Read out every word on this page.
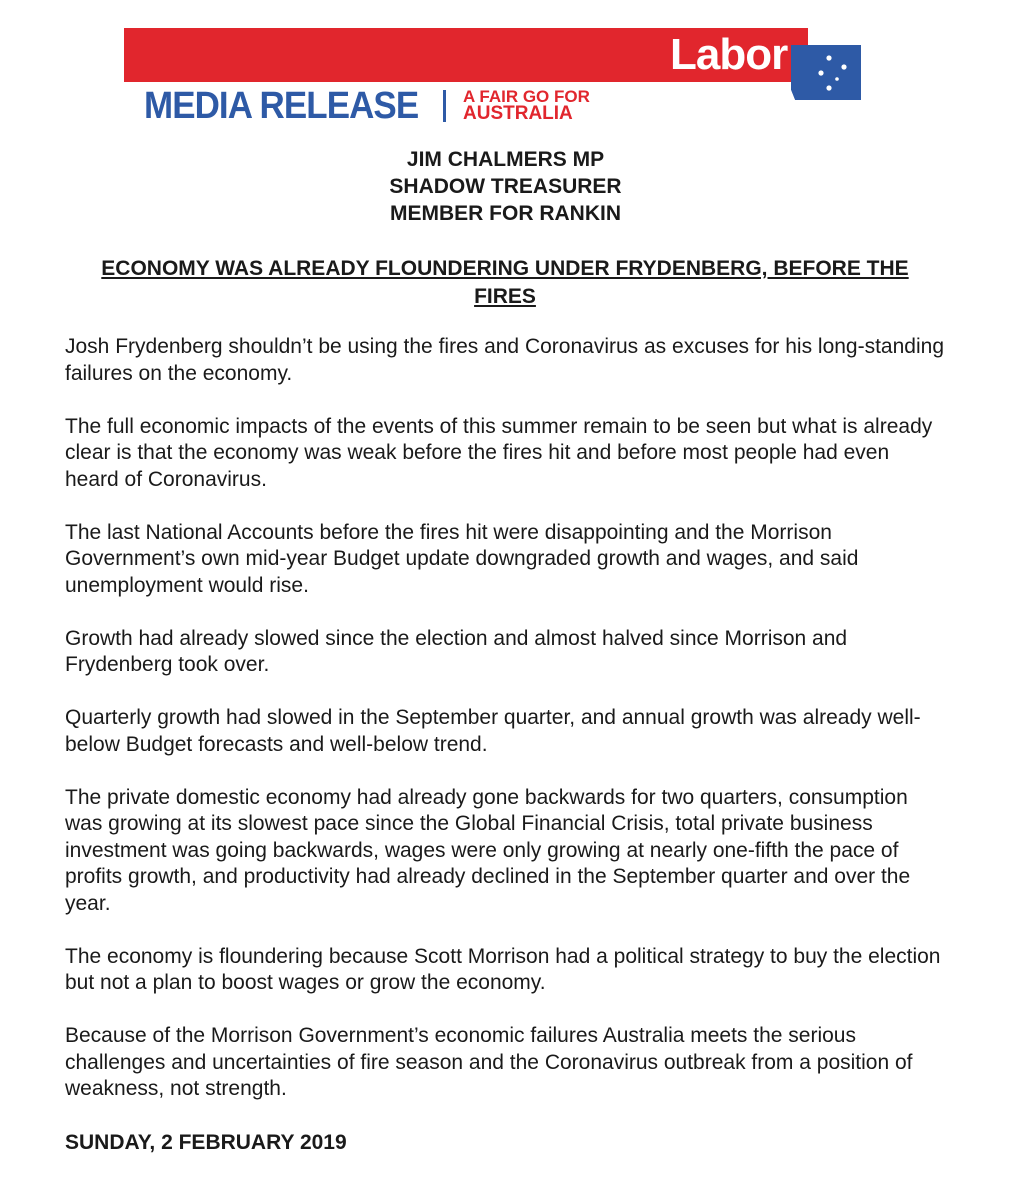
Labor
MEDIA RELEASE	A FAIR GO FOR
AUSTRALIA
JIM CHALMERS MP
SHADOW TREASURER
MEMBER FOR RANKIN
ECONOMY WAS ALREADY FLOUNDERING UNDER FRYDENBERG, BEFORE THE FIRES

Josh Frydenberg shouldn’t be using the fires and Coronavirus as excuses for his long-standing failures on the economy.

The full economic impacts of the events of this summer remain to be seen but what is already clear is that the economy was weak before the fires hit and before most people had even heard of Coronavirus.

The last National Accounts before the fires hit were disappointing and the Morrison Government’s own mid-year Budget update downgraded growth and wages, and said unemployment would rise.

Growth had already slowed since the election and almost halved since Morrison and Frydenberg took over.

Quarterly growth had slowed in the September quarter, and annual growth was already well-below Budget forecasts and well-below trend.

The private domestic economy had already gone backwards for two quarters, consumption was growing at its slowest pace since the Global Financial Crisis, total private business investment was going backwards, wages were only growing at nearly one-fifth the pace of profits growth, and productivity had already declined in the September quarter and over the year.

The economy is floundering because Scott Morrison had a political strategy to buy the election but not a plan to boost wages or grow the economy.

Because of the Morrison Government’s economic failures Australia meets the serious challenges and uncertainties of fire season and the Coronavirus outbreak from a position of weakness, not strength.

SUNDAY, 2 FEBRUARY 2019
